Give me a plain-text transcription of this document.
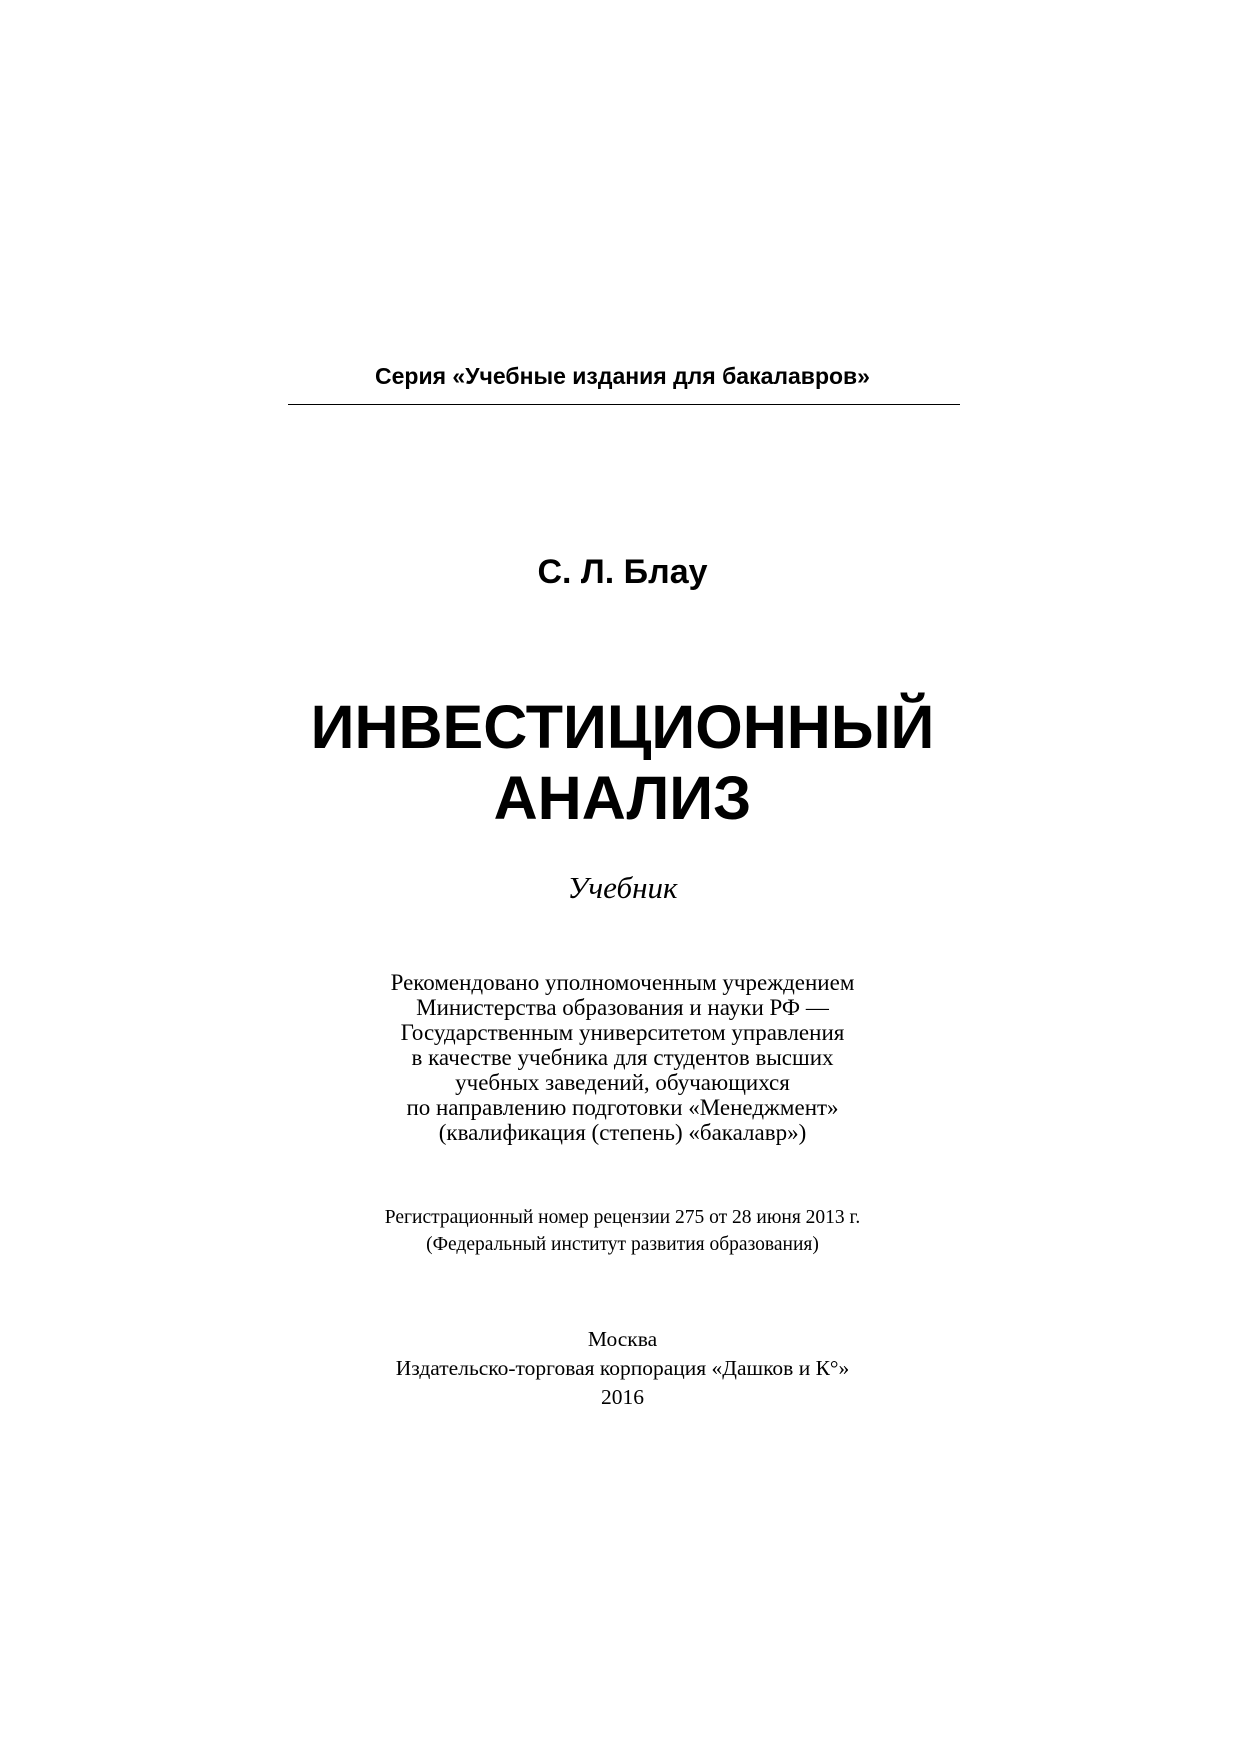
Серия «Учебные издания для бакалавров»
С. Л. Блау
ИНВЕСТИЦИОННЫЙ
АНАЛИЗ
Учебник
Рекомендовано уполномоченным учреждением
Министерства образования и науки РФ —
Государственным университетом управления
в качестве учебника для студентов высших
учебных заведений, обучающихся
по направлению подготовки «Менеджмент»
(квалификация (степень) «бакалавр»)
Регистрационный номер рецензии 275 от 28 июня 2013 г.
(Федеральный институт развития образования)
Москва
Издательско-торговая корпорация «Дашков и К°»
2016
